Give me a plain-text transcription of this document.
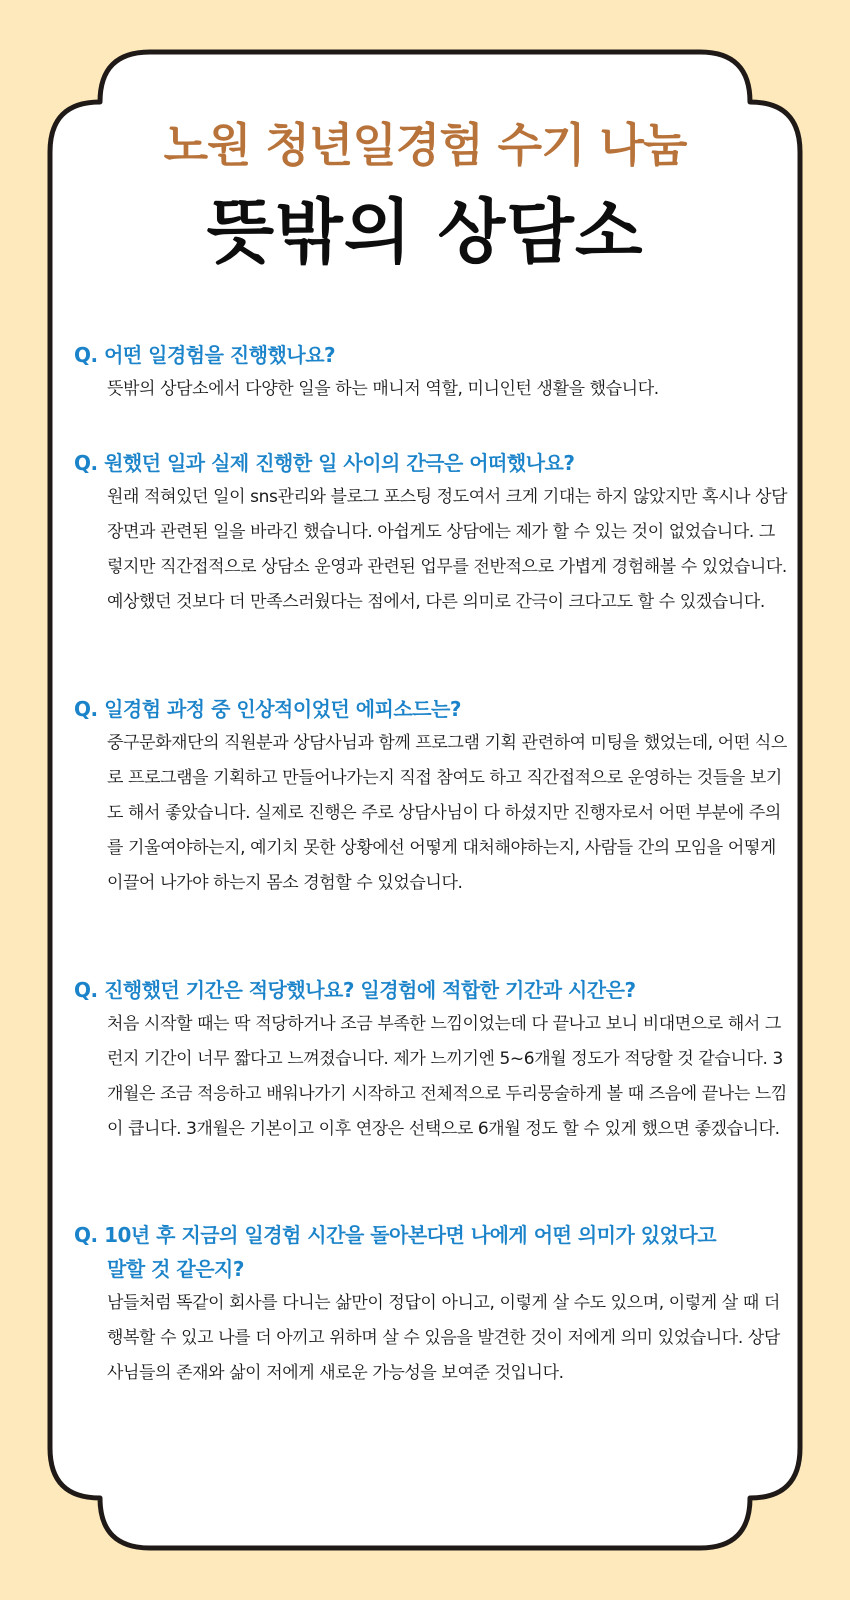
노원 청년일경험 수기 나눔
뜻밖의 상담소
Q. 어떤 일경험을 진행했나요?

뜻밖의 상담소에서 다양한 일을 하는 매니저 역할, 미니인턴 생활을 했습니다.

Q. 원했던 일과 실제 진행한 일 사이의 간극은 어떠했나요?

원래 적혀있던 일이 sns관리와 블로그 포스팅 정도여서 크게 기대는 하지 않았지만 혹시나 상담 장면과 관련된 일을 바라긴 했습니다. 아쉽게도 상담에는 제가 할 수 있는 것이 없었습니다. 그렇지만 직간접적으로 상담소 운영과 관련된 업무를 전반적으로 가볍게 경험해볼 수 있었습니다. 예상했던 것보다 더 만족스러웠다는 점에서, 다른 의미로 간극이 크다고도 할 수 있겠습니다.

Q. 일경험 과정 중 인상적이었던 에피소드는?

중구문화재단의 직원분과 상담사님과 함께 프로그램 기획 관련하여 미팅을 했었는데, 어떤 식으로 프로그램을 기획하고 만들어나가는지 직접 참여도 하고 직간접적으로 운영하는 것들을 보기도 해서 좋았습니다. 실제로 진행은 주로 상담사님이 다 하셨지만 진행자로서 어떤 부분에 주의를 기울여야하는지, 예기치 못한 상황에선 어떻게 대처해야하는지, 사람들 간의 모임을 어떻게 이끌어 나가야 하는지 몸소 경험할 수 있었습니다.

Q. 진행했던 기간은 적당했나요? 일경험에 적합한 기간과 시간은?

처음 시작할 때는 딱 적당하거나 조금 부족한 느낌이었는데 다 끝나고 보니 비대면으로 해서 그런지 기간이 너무 짧다고 느껴졌습니다. 제가 느끼기엔 5~6개월 정도가 적당할 것 같습니다. 3개월은 조금 적응하고 배워나가기 시작하고 전체적으로 두리뭉술하게 볼 때 즈음에 끝나는 느낌이 큽니다. 3개월은 기본이고 이후 연장은 선택으로 6개월 정도 할 수 있게 했으면 좋겠습니다.

Q. 10년 후 지금의 일경험 시간을 돌아본다면 나에게 어떤 의미가 있었다고
말할 것 같은지?

남들처럼 똑같이 회사를 다니는 삶만이 정답이 아니고, 이렇게 살 수도 있으며, 이렇게 살 때 더 행복할 수 있고 나를 더 아끼고 위하며 살 수 있음을 발견한 것이 저에게 의미 있었습니다. 상담사님들의 존재와 삶이 저에게 새로운 가능성을 보여준 것입니다.
